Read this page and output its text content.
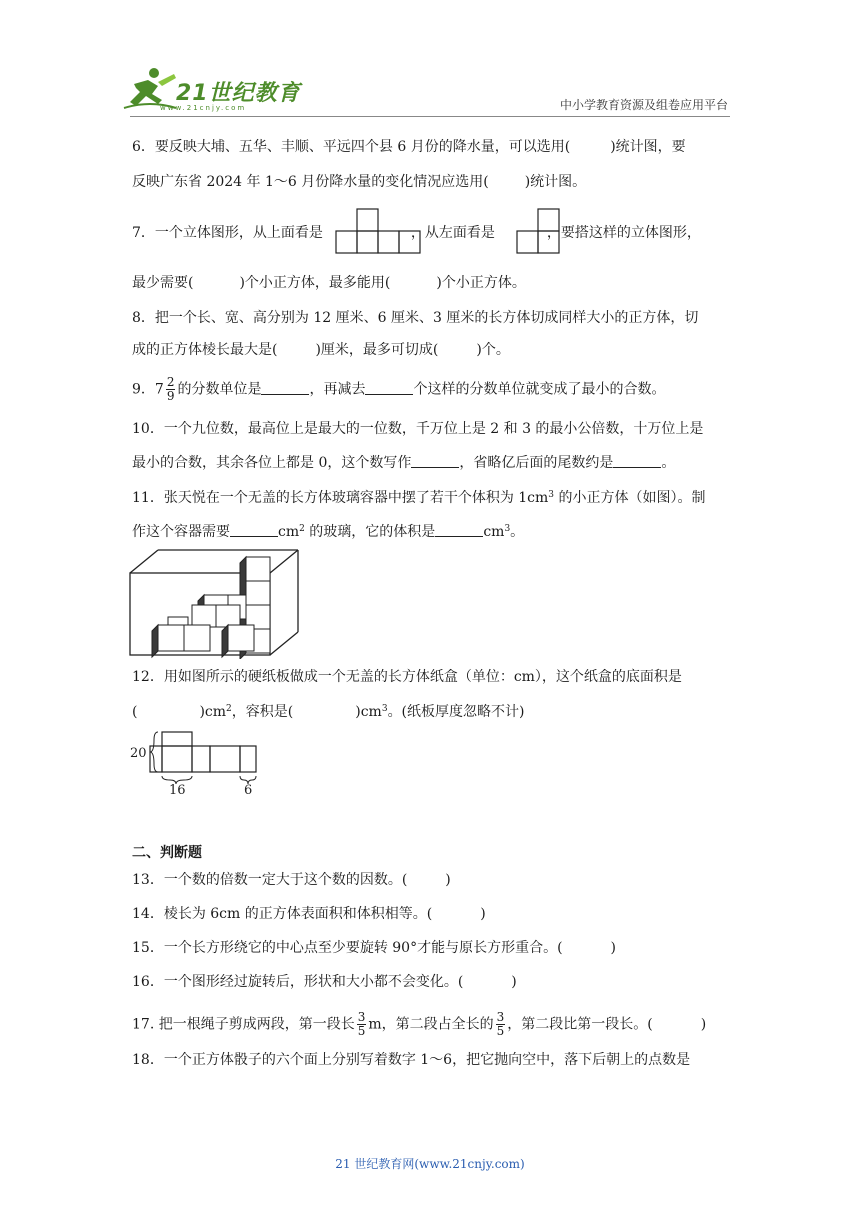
21世纪教育
www.21cnjy.com	中小学教育资源及组卷应用平台
6．要反映大埔、五华、丰顺、平远四个县 6 月份的降水量，可以选用(	)统计图，要
反映广东省 2024 年 1～6 月份降水量的变化情况应选用(	)统计图。
7．一个立体图形，从上面看是	，从左面看是	，要搭这样的立体图形，
最少需要(	)个小正方体，最多能用(	)个小正方体。
8．把一个长、宽、高分别为 12 厘米、6 厘米、3 厘米的长方体切成同样大小的正方体，切
成的正方体棱长最大是(	)厘米，最多可切成(	)个。
9．$7 \frac{2}{9}$ 的分数单位是	，再减去	个这样的分数单位就变成了最小的合数。
10．一个九位数，最高位上是最大的一位数，千万位上是 2 和 3 的最小公倍数，十万位上是
最小的合数，其余各位上都是 0，这个数写作	，省略亿后面的尾数约是	。
11．张天悦在一个无盖的长方体玻璃容器中摆了若干个体积为 $1cm^3$ 的小正方体（如图）。制
作这个容器需要	$cm^2$ 的玻璃，它的体积是	$cm^3$。
12．用如图所示的硬纸板做成一个无盖的长方体纸盒（单位：cm），这个纸盒的底面积是
(	)$cm^2$，容积是(	)$cm^3$。(纸板厚度忽略不计)
20
16	6
二、判断题
13．一个数的倍数一定大于这个数的因数。(	)
14．棱长为 6cm 的正方体表面积和体积相等。(	)
15．一个长方形绕它的中心点至少要旋转 90°才能与原长方形重合。(	)
16．一个图形经过旋转后，形状和大小都不会变化。(	)
17. 把一根绳子剪成两段，第一段长 $\frac{3}{5}$ m，第二段占全长的 $\frac{3}{5}$ ，第二段比第一段长。(	)
18．一个正方体骰子的六个面上分别写着数字 1～6，把它抛向空中，落下后朝上的点数是
21 世纪教育网(www.21cnjy.com)
